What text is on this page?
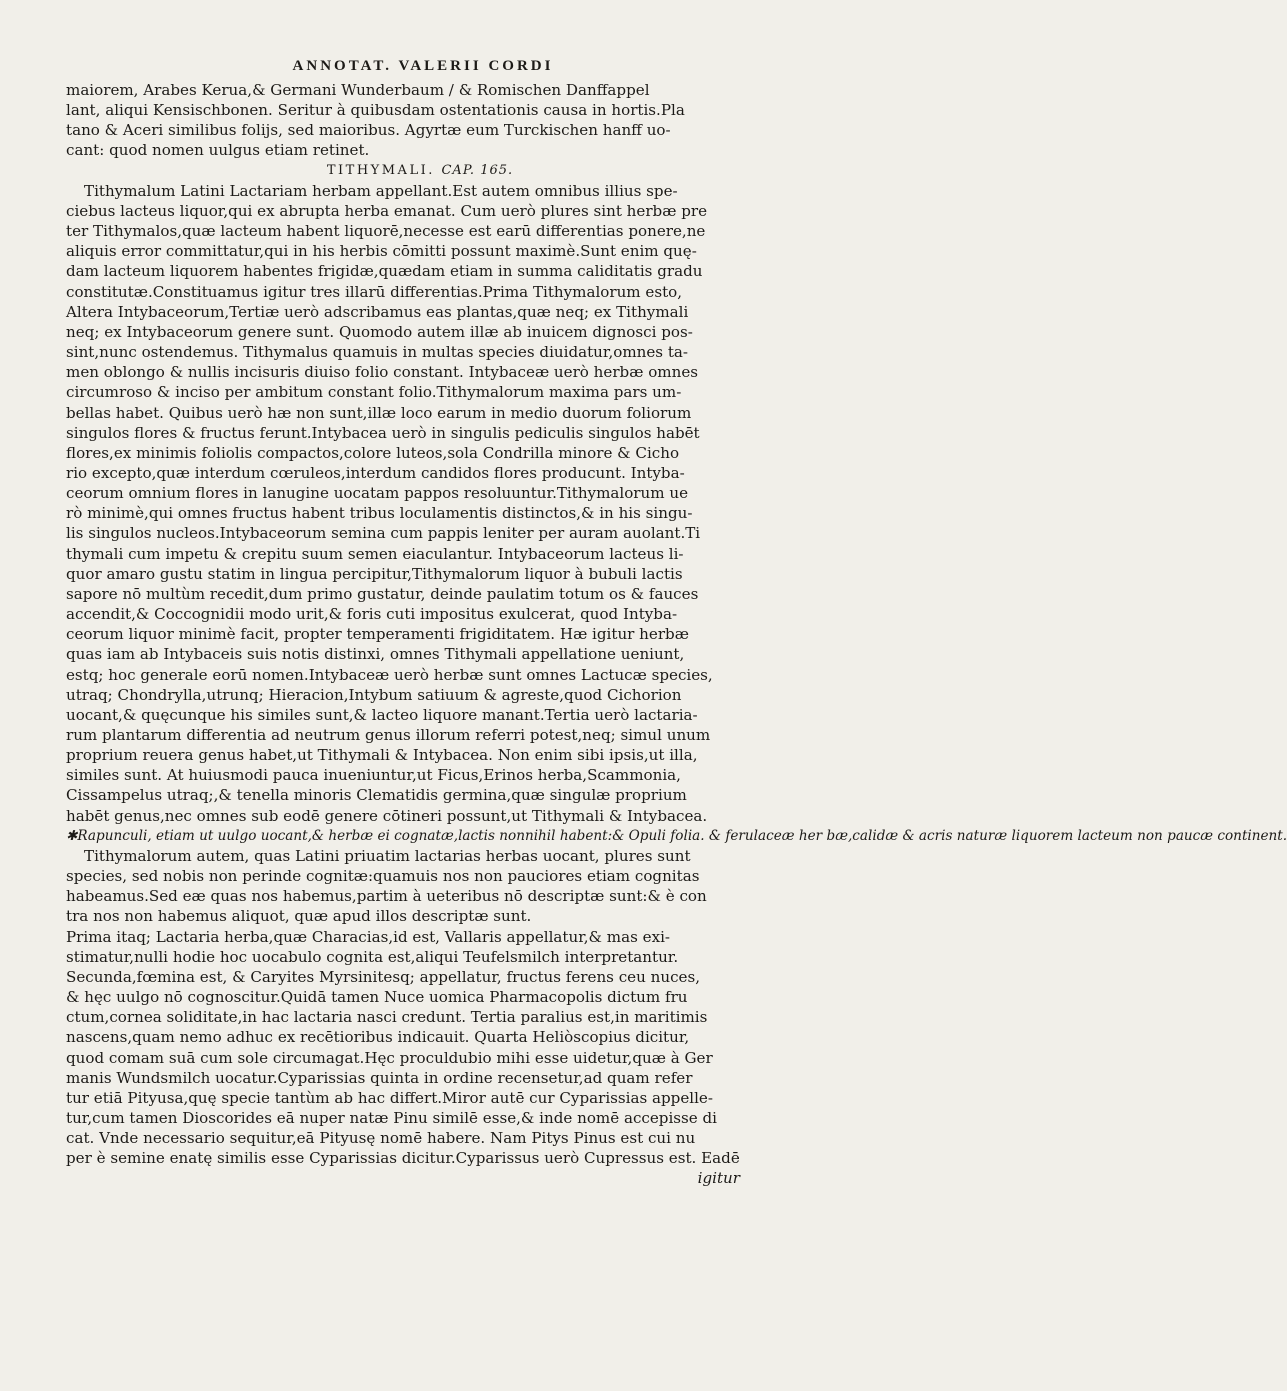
ANNOTAT. VALERII CORDI

maiorem, Arabes Kerua,& Germani Wunderbaum / & Romischen Danffappel
lant, aliqui Kensischbonen. Seritur à quibusdam ostentationis causa in hortis.Pla
tano & Aceri similibus folijs, sed maioribus. Agyrtæ eum Turckischen hanff uo-
cant: quod nomen uulgus etiam retinet.

TITHYMALI. CAP. 165.

Tithymalum Latini Lactariam herbam appellant.Est autem omnibus illius spe-
ciebus lacteus liquor,qui ex abrupta herba emanat. Cum uerò plures sint herbæ pre
ter Tithymalos,quæ lacteum habent liquorē,necesse est earū differentias ponere,ne
aliquis error committatur,qui in his herbis cōmitti possunt maximè.Sunt enim quę-
dam lacteum liquorem habentes frigidæ,quædam etiam in summa caliditatis gradu
constitutæ.Constituamus igitur tres illarū differentias.Prima Tithymalorum esto,
Altera Intybaceorum,Tertiæ uerò adscribamus eas plantas,quæ neq; ex Tithymali
neq; ex Intybaceorum genere sunt. Quomodo autem illæ ab inuicem dignosci pos-
sint,nunc ostendemus. Tithymalus quamuis in multas species diuidatur,omnes ta-
men oblongo & nullis incisuris diuiso folio constant. Intybaceæ uerò herbæ omnes
circumroso & inciso per ambitum constant folio.Tithymalorum maxima pars um-
bellas habet. Quibus uerò hæ non sunt,illæ loco earum in medio duorum foliorum
singulos flores & fructus ferunt.Intybacea uerò in singulis pediculis singulos habēt
flores,ex minimis foliolis compactos,colore luteos,sola Condrilla minore & Cicho
rio excepto,quæ interdum cœruleos,interdum candidos flores producunt. Intyba-
ceorum omnium flores in lanugine uocatam pappos resoluuntur.Tithymalorum ue
rò minimè,qui omnes fructus habent tribus loculamentis distinctos,& in his singu-
lis singulos nucleos.Intybaceorum semina cum pappis leniter per auram auolant.Ti
thymali cum impetu & crepitu suum semen eiaculantur. Intybaceorum lacteus li-
quor amaro gustu statim in lingua percipitur,Tithymalorum liquor à bubuli lactis
sapore nō multùm recedit,dum primo gustatur, deinde paulatim totum os & fauces
accendit,& Coccognidii modo urit,& foris cuti impositus exulcerat, quod Intyba-
ceorum liquor minimè facit, propter temperamenti frigiditatem. Hæ igitur herbæ
quas iam ab Intybaceis suis notis distinxi, omnes Tithymali appellatione ueniunt,
estq; hoc generale eorū nomen.Intybaceæ uerò herbæ sunt omnes Lactucæ species,
utraq; Chondrylla,utrunq; Hieracion,Intybum satiuum & agreste,quod Cichorion
uocant,& quęcunque his similes sunt,& lacteo liquore manant.Tertia uerò lactaria-
rum plantarum differentia ad neutrum genus illorum referri potest,neq; simul unum
proprium reuera genus habet,ut Tithymali & Intybacea. Non enim sibi ipsis,ut illa,
similes sunt. At huiusmodi pauca inueniuntur,ut Ficus,Erinos herba,Scammonia,
Cissampelus utraq;,& tenella minoris Clematidis germina,quæ singulæ proprium
habēt genus,nec omnes sub eodē genere cōtineri possunt,ut Tithymali & Intybacea.

✱Rapunculi, etiam ut uulgo uocant,& herbæ ei cognatæ,lactis nonnihil habent:& Opuli folia. & ferulaceæ her bæ,calidæ & acris naturæ liquorem lacteum non paucæ continent.

Tithymalorum autem, quas Latini priuatim lactarias herbas uocant, plures sunt
species, sed nobis non perinde cognitæ:quamuis nos non pauciores etiam cognitas
habeamus.Sed eæ quas nos habemus,partim à ueteribus nō descriptæ sunt:& è con
tra nos non habemus aliquot, quæ apud illos descriptæ sunt.
Prima itaq; Lactaria herba,quæ Characias,id est, Vallaris appellatur,& mas exi-
stimatur,nulli hodie hoc uocabulo cognita est,aliqui Teufelsmilch interpretantur.
Secunda,fœmina est, & Caryites Myrsinitesq; appellatur, fructus ferens ceu nuces,
& hęc uulgo nō cognoscitur.Quidā tamen Nuce uomica Pharmacopolis dictum fru
ctum,cornea soliditate,in hac lactaria nasci credunt. Tertia paralius est,in maritimis
nascens,quam nemo adhuc ex recētioribus indicauit. Quarta Heliòscopius dicitur,
quod comam suā cum sole circumagat.Hęc proculdubio mihi esse uidetur,quæ à Ger
manis Wundsmilch uocatur.Cyparissias quinta in ordine recensetur,ad quam refer
tur etiā Pityusa,quę specie tantùm ab hac differt.Miror autē cur Cyparissias appelle-
tur,cum tamen Dioscorides eā nuper natæ Pinu similē esse,& inde nomē accepisse di
cat. Vnde necessario sequitur,eā Pityusę nomē habere. Nam Pitys Pinus est cui nu
per è semine enatę similis esse Cyparissias dicitur.Cyparissus uerò Cupressus est. Eadē

igitur
